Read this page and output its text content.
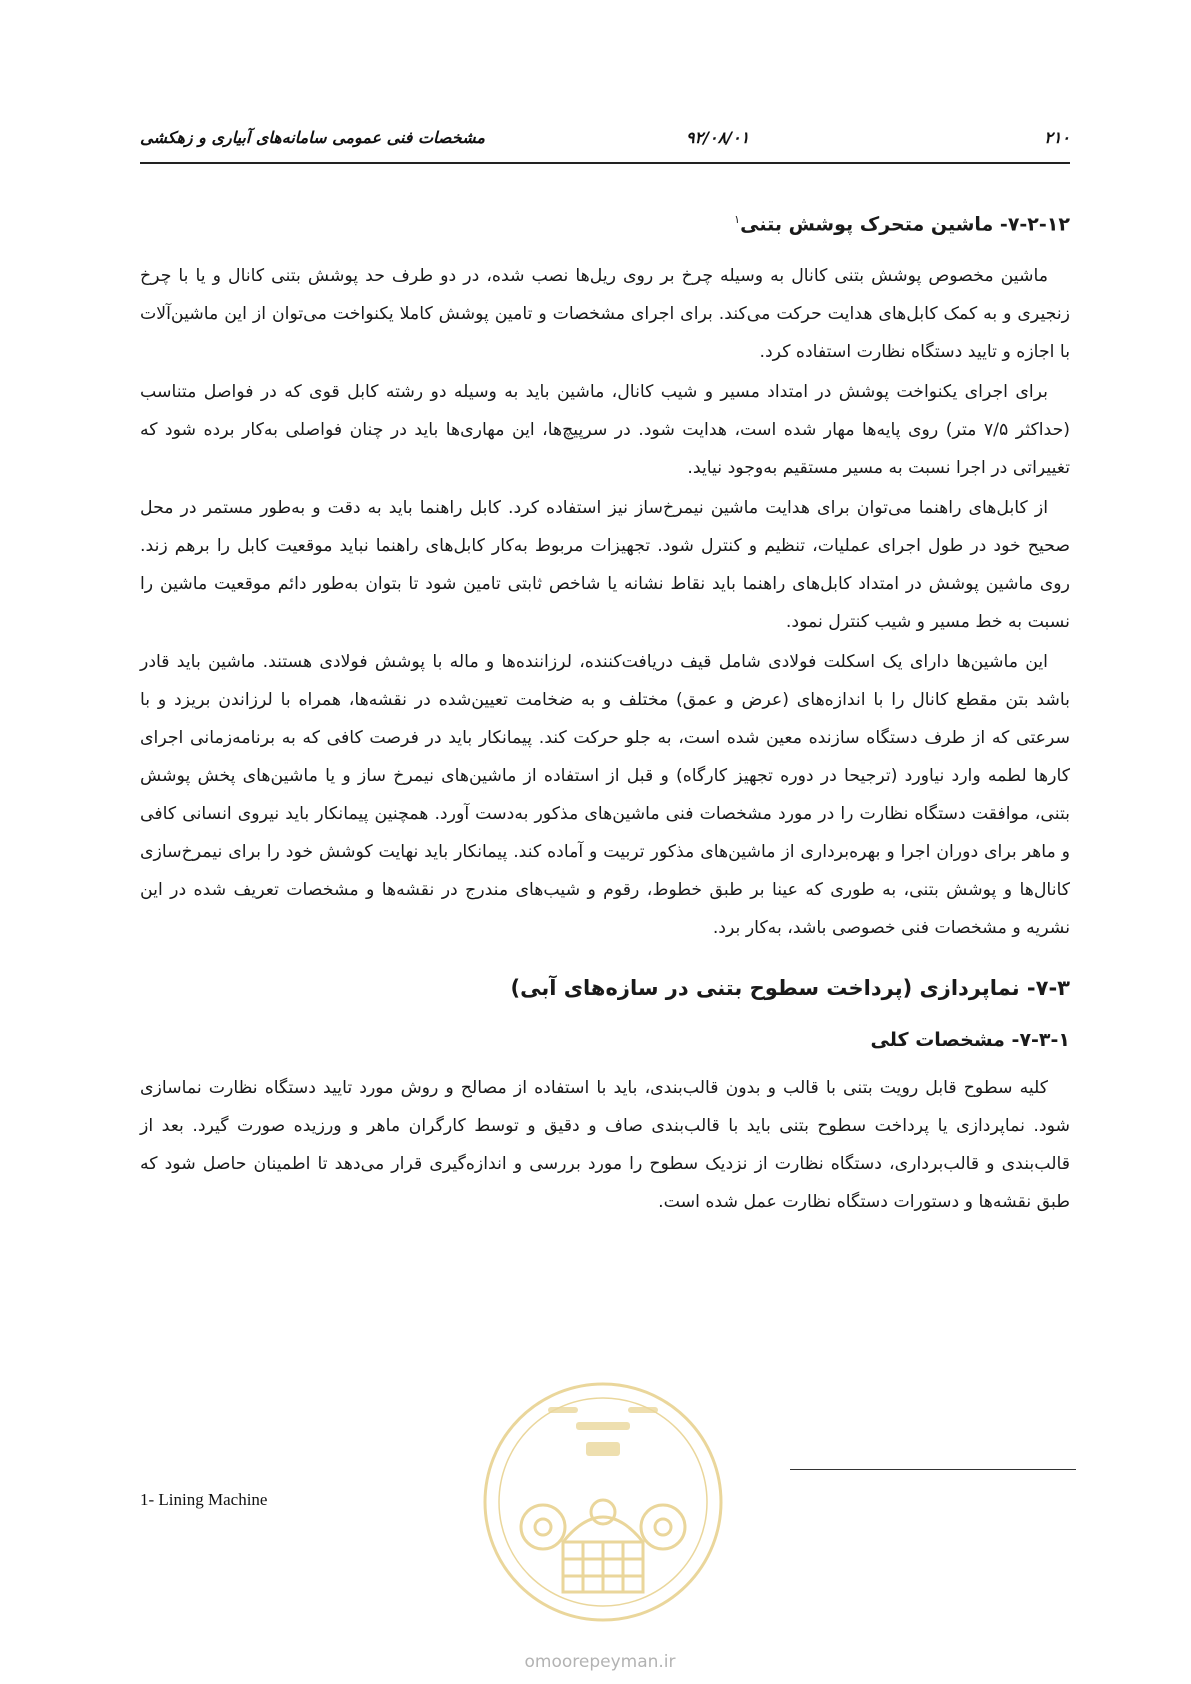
مشخصات فنی عمومی سامانه‌های آبیاری و زهکشی	۹۲/۰۸/۰۱	۲۱۰
۷-۲-۱۲- ماشین متحرک پوشش بتنی$^۱$

ماشین مخصوص پوشش بتنی کانال به وسیله چرخ بر روی ریل‌ها نصب شده، در دو طرف حد پوشش بتنی کانال و یا با چرخ زنجیری و به کمک کابل‌های هدایت حرکت می‌کند. برای اجرای مشخصات و تامین پوشش کاملا یکنواخت می‌توان از این ماشین‌آلات با اجازه و تایید دستگاه نظارت استفاده کرد.

برای اجرای یکنواخت پوشش در امتداد مسیر و شیب کانال، ماشین باید به وسیله دو رشته کابل قوی که در فواصل متناسب (حداکثر ۷/۵ متر) روی پایه‌ها مهار شده است، هدایت شود. در سرپیچ‌ها، این مهاری‌ها باید در چنان فواصلی به‌کار برده شود که تغییراتی در اجرا نسبت به مسیر مستقیم به‌وجود نیاید.

از کابل‌های راهنما می‌توان برای هدایت ماشین نیمرخ‌ساز نیز استفاده کرد. کابل راهنما باید به دقت و به‌طور مستمر در محل صحیح خود در طول اجرای عملیات، تنظیم و کنترل شود. تجهیزات مربوط به‌کار کابل‌های راهنما نباید موقعیت کابل را برهم زند. روی ماشین پوشش در امتداد کابل‌های راهنما باید نقاط نشانه یا شاخص ثابتی تامین شود تا بتوان به‌طور دائم موقعیت ماشین را نسبت به خط مسیر و شیب کنترل نمود.

این ماشین‌ها دارای یک اسکلت فولادی شامل قیف دریافت‌کننده، لرزاننده‌ها و ماله با پوشش فولادی هستند. ماشین باید قادر باشد بتن مقطع کانال را با اندازه‌های (عرض و عمق) مختلف و به ضخامت تعیین‌شده در نقشه‌ها، همراه با لرزاندن بریزد و با سرعتی که از طرف دستگاه سازنده معین شده است، به جلو حرکت کند. پیمانکار باید در فرصت کافی که به برنامه‌زمانی اجرای کارها لطمه وارد نیاورد (ترجیحا در دوره تجهیز کارگاه) و قبل از استفاده از ماشین‌های نیمرخ ساز و یا ماشین‌های پخش پوشش بتنی، موافقت دستگاه نظارت را در مورد مشخصات فنی ماشین‌های مذکور به‌دست آورد. همچنین پیمانکار باید نیروی انسانی کافی و ماهر برای دوران اجرا و بهره‌برداری از ماشین‌های مذکور تربیت و آماده کند. پیمانکار باید نهایت کوشش خود را برای نیمرخ‌سازی کانال‌ها و پوشش بتنی، به طوری که عینا بر طبق خطوط، رقوم و شیب‌های مندرج در نقشه‌ها و مشخصات تعریف شده در این نشریه و مشخصات فنی خصوصی باشد، به‌کار برد.

۷-۳- نماپردازی (پرداخت سطوح بتنی در سازه‌های آبی)
۷-۳-۱- مشخصات کلی

کلیه سطوح قابل رویت بتنی با قالب و بدون قالب‌بندی، باید با استفاده از مصالح و روش مورد تایید دستگاه نظارت نماسازی شود. نماپردازی یا پرداخت سطوح بتنی باید با قالب‌بندی صاف و دقیق و توسط کارگران ماهر و ورزیده صورت گیرد. بعد از قالب‌بندی و قالب‌برداری، دستگاه نظارت از نزدیک سطوح را مورد بررسی و اندازه‌گیری قرار می‌دهد تا اطمینان حاصل شود که طبق نقشه‌ها و دستورات دستگاه نظارت عمل شده است.

omoorepeyman.ir
1- Lining Machine
